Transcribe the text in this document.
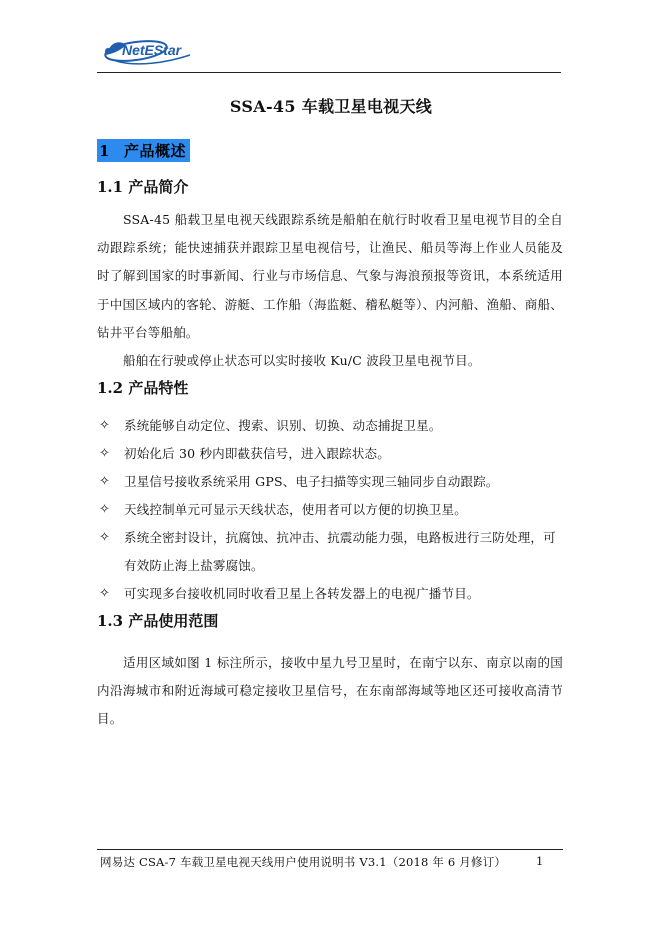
NetEStar
SSA-45 车载卫星电视天线
1 产品概述
1.1 产品简介
SSA-45 船载卫星电视天线跟踪系统是船舶在航行时收看卫星电视节目的全自动跟踪系统；能快速捕获并跟踪卫星电视信号，让渔民、船员等海上作业人员能及时了解到国家的时事新闻、行业与市场信息、气象与海浪预报等资讯，本系统适用于中国区域内的客轮、游艇、工作船（海监艇、稽私艇等）、内河船、渔船、商船、钻井平台等船舶。
船舶在行驶或停止状态可以实时接收 Ku/C 波段卫星电视节目。
1.2 产品特性
✧ 系统能够自动定位、搜索、识别、切换、动态捕捉卫星。
✧ 初始化后 30 秒内即截获信号，进入跟踪状态。
✧ 卫星信号接收系统采用 GPS、电子扫描等实现三轴同步自动跟踪。
✧ 天线控制单元可显示天线状态，使用者可以方便的切换卫星。
✧ 系统全密封设计，抗腐蚀、抗冲击、抗震动能力强，电路板进行三防处理，可有效防止海上盐雾腐蚀。
✧ 可实现多台接收机同时收看卫星上各转发器上的电视广播节目。
1.3 产品使用范围
适用区域如图 1 标注所示，接收中星九号卫星时，在南宁以东、南京以南的国内沿海城市和附近海域可稳定接收卫星信号，在东南部海域等地区还可接收高清节目。
网易达 CSA-7 车载卫星电视天线用户使用说明书 V3.1（2018 年 6 月修订）	1
